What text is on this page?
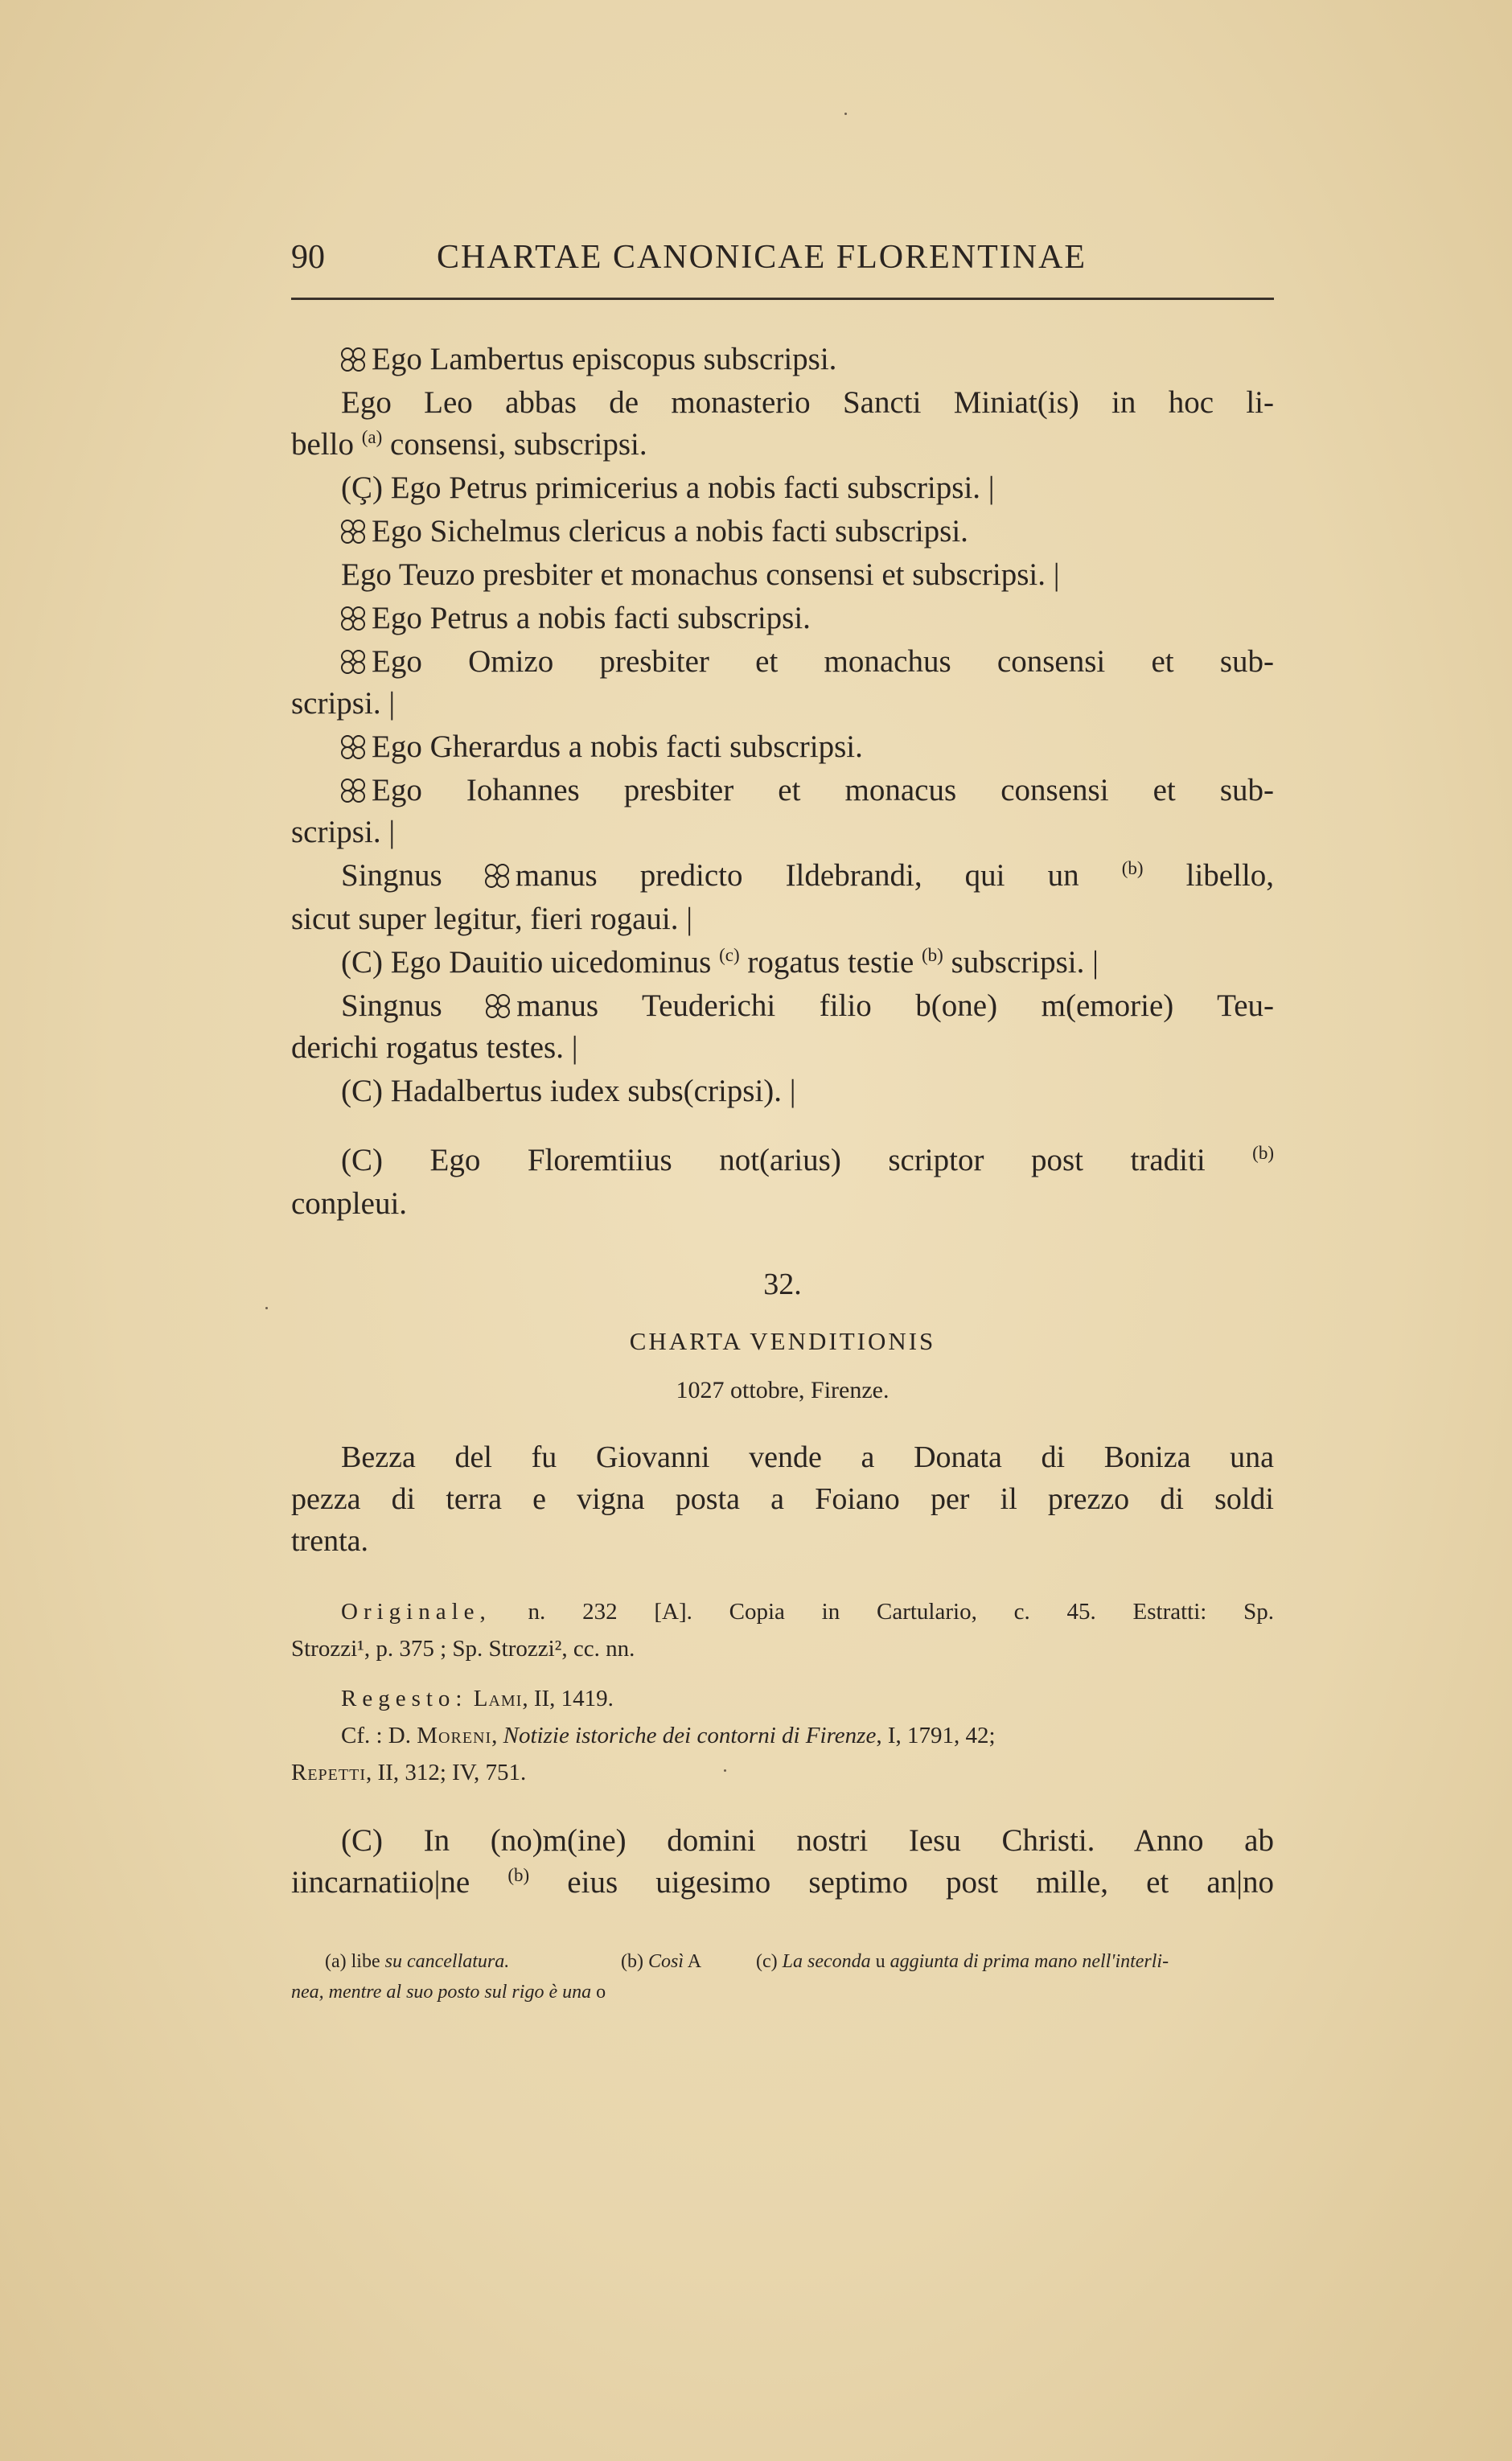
90	CHARTAE CANONICAE FLORENTINAE
Ego Lambertus episcopus subscripsi.
Ego Leo abbas de monasterio Sancti Miniat(is) in hoc li-
bello $^{(a)}$ consensi, subscripsi.
(Ç) Ego Petrus primicerius a nobis facti subscripsi. |
Ego Sichelmus clericus a nobis facti subscripsi.
Ego Teuzo presbiter et monachus consensi et subscripsi. |
Ego Petrus a nobis facti subscripsi.
Ego Omizo presbiter et monachus consensi et sub-
scripsi. |
Ego Gherardus a nobis facti subscripsi.
Ego Iohannes presbiter et monacus consensi et sub-
scripsi. |
Singnus manus predicto Ildebrandi, qui un $^{(b)}$ libello,
sicut super legitur, fieri rogaui. |
(C) Ego Dauitio uicedominus $^{(c)}$ rogatus testie $^{(b)}$ subscripsi. |
Singnus manus Teuderichi filio b(one) m(emorie) Teu-
derichi rogatus testes. |
(C) Hadalbertus iudex subs(cripsi). |
(C) Ego Floremtiius not(arius) scriptor post traditi	$^{(b)}$
conpleui.
32.
CHARTA VENDITIONIS
1027 ottobre, Firenze.
Bezza del fu Giovanni vende a Donata di Boniza una
pezza di terra e vigna posta a Foiano per il prezzo di soldi
trenta.
Originale, n. 232 [A]. Copia in Cartulario, c. 45. Estratti: Sp.
Strozzi¹, p. 375 ; Sp. Strozzi², cc. nn.
Regesto: Lami, II, 1419.
Cf. : D. Moreni, Notizie istoriche dei contorni di Firenze, I, 1791, 42;
Repetti, II, 312; IV, 751.
(C) In (no)m(ine) domini nostri Iesu Christi. Anno ab
iincarnatiio|ne $^{(b)}$ eius uigesimo septimo post mille, et an|no
(a) libe su cancellatura.	(b) Così A	(c) La seconda u aggiunta di prima mano nell'interli-
nea, mentre al suo posto sul rigo è una o
